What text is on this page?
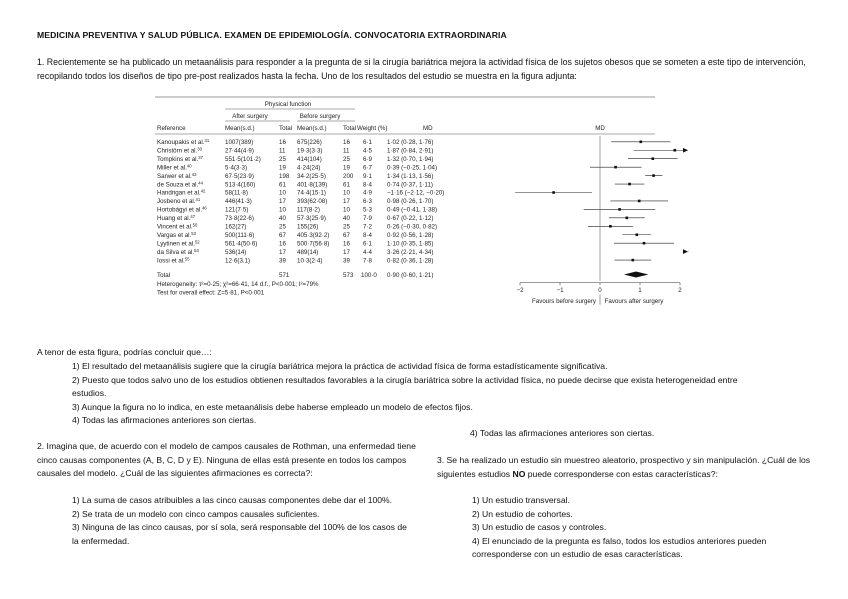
MEDICINA PREVENTIVA Y SALUD PÚBLICA. EXAMEN DE EPIDEMIOLOGÍA. CONVOCATORIA EXTRAORDINARIA
1. Recientemente se ha publicado un metaanálisis para responder a la pregunta de si la cirugía bariátrica mejora la actividad física de los sujetos obesos que se someten a este tipo de intervención, recopilando todos los diseños de tipo pre-post realizados hasta la fecha. Uno de los resultados del estudio se muestra en la figura adjunta:
Physical function
After surgery	Before surgery
Reference	Mean(s.d.)	Total Mean(s.d.)	Total Weight (%)	MD	MD
Kanoupakis et al.$^{31}$	1007(389)	16 675(226)	16 6·1 1·02 (0·28, 1·76)
Christörn et al.$^{30}$	27·44(4·9)	11 19·3(3·3)	11 4·5 1·87 (0·84, 2·91)
Tompkins et al.$^{37}$	551·5(101·2)	25 414(104)	25 6·9 1·32 (0·70, 1·94)
Miller et al.$^{40}$	5·4(3·3)	19 4·24(24)	19 6·7 0·39 (−0·25, 1·04)
Sarwer et al.$^{43}$	67·5(23·9)	198 34·2(25·5)	200 9·1 1·34 (1·13, 1·56)
de Souza et al.$^{44}$	513·4(160)	61 401·8(139)	61 8·4 0·74 (0·37, 1·11)
Handrigan et al.$^{42}$	58(11·8)	10 74·4(15·1)	10 4·9 −1·16 (−2·12, −0·20)
Josbeno et al.$^{41}$	446(41·3)	17 393(62·08)	17 6·3 0·98 (0·26, 1·70)
Hortobágyi et al.$^{46}$	121(7·5)	10 117(8·2)	10 5·3 0·49 (−0·41, 1·38)
Huang et al.$^{47}$	73·8(22·6)	40 57·3(25·9)	40 7·9 0·67 (0·22, 1·12)
Vincent et al.$^{50}$	162(27)	25 155(26)	25 7·2 0·26 (−0·30, 0·82)
Vargas et al.$^{53}$	500(111·6)	67 405·3(92·2) 67 8·4 0·92 (0·56, 1·28)
Lyytinen et al.$^{52}$	561·4(50·6)	16 500·7(56·8) 16 6·1 1·10 (0·35, 1·85)
da Silva et al.$^{54}$	536(14)	17 489(14)	17 4·4 3·26 (2·21, 4·34)
Iossi et al.$^{55}$	12·6(3.1)	39 10·3(2·4)	39 7·8 0·82 (0·36, 1·28)
Total	571	573 100·0 0·90 (0·60, 1·21)
Heterogeneity: τ²=0·25; χ²=66·41, 14 d.f., P<0·001; I²=79%
Test for overall effect: Z=5·81, P<0·001	−2	−1	0	1	2
Favours before surgery Favours after surgery
A tenor de esta figura, podrías concluir que…:
1) El resultado del metaanálisis sugiere que la cirugía bariátrica mejora la práctica de actividad física de forma estadísticamente significativa.
2) Puesto que todos salvo uno de los estudios obtienen resultados favorables a la cirugía bariátrica sobre la actividad física, no puede decirse que exista heterogeneidad entre estudios.
3) Aunque la figura no lo indica, en este metaanálisis debe haberse empleado un modelo de efectos fijos.
4) Todas las afirmaciones anteriores son ciertas.
4) Todas las afirmaciones anteriores son ciertas.
2. Imagina que, de acuerdo con el modelo de campos causales de Rothman, una enfermedad tiene cinco causas componentes (A, B, C, D y E). Ninguna de ellas está presente en todos los campos causales del modelo. ¿Cuál de las siguientes afirmaciones es correcta?:
1) La suma de casos atribuibles a las cinco causas componentes debe dar el 100%.
2) Se trata de un modelo con cinco campos causales suficientes.
3) Ninguna de las cinco causas, por sí sola, será responsable del 100% de los casos de la enfermedad.
3. Se ha realizado un estudio sin muestreo aleatorio, prospectivo y sin manipulación. ¿Cuál de los siguientes estudios NO puede corresponderse con estas características?:
1) Un estudio transversal.
2) Un estudio de cohortes.
3) Un estudio de casos y controles.
4) El enunciado de la pregunta es falso, todos los estudios anteriores pueden corresponderse con un estudio de esas características.
